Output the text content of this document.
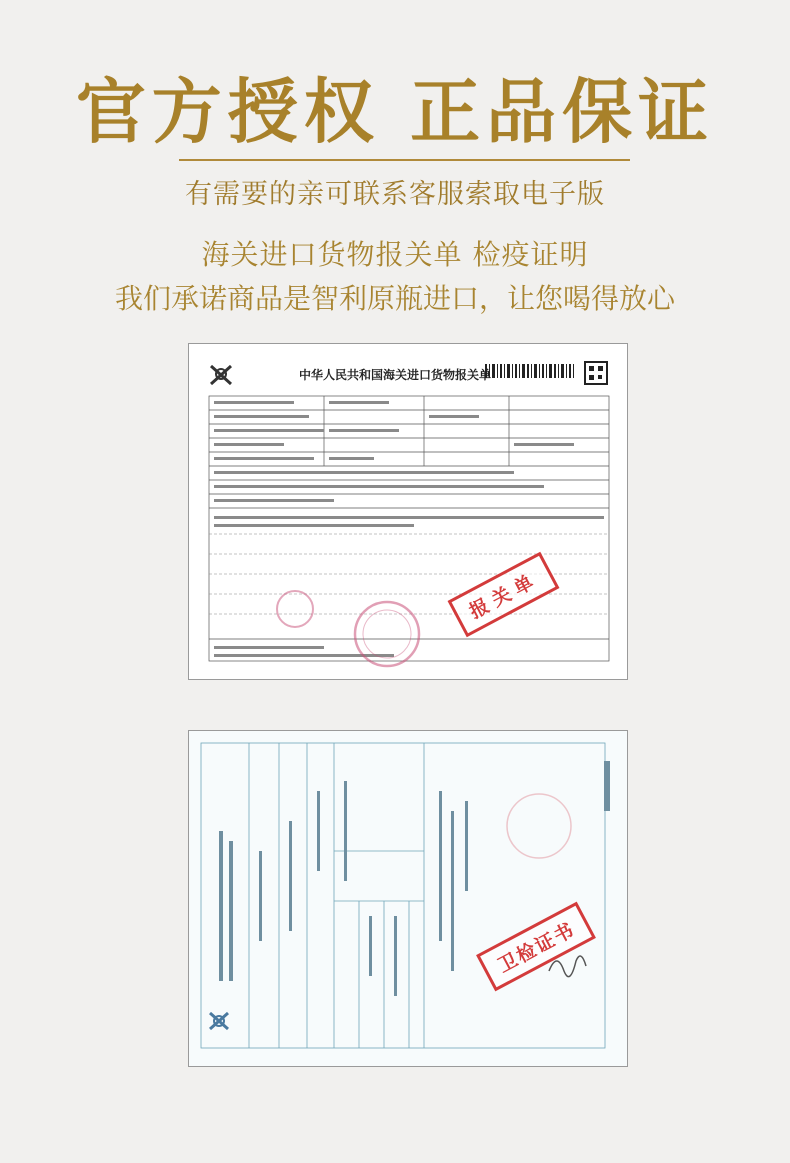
官方授权 正品保证
有需要的亲可联系客服索取电子版
海关进口货物报关单 检疫证明
我们承诺商品是智利原瓶进口，让您喝得放心
中华人民共和国海关进口货物报关单
报关单
卫检证书
